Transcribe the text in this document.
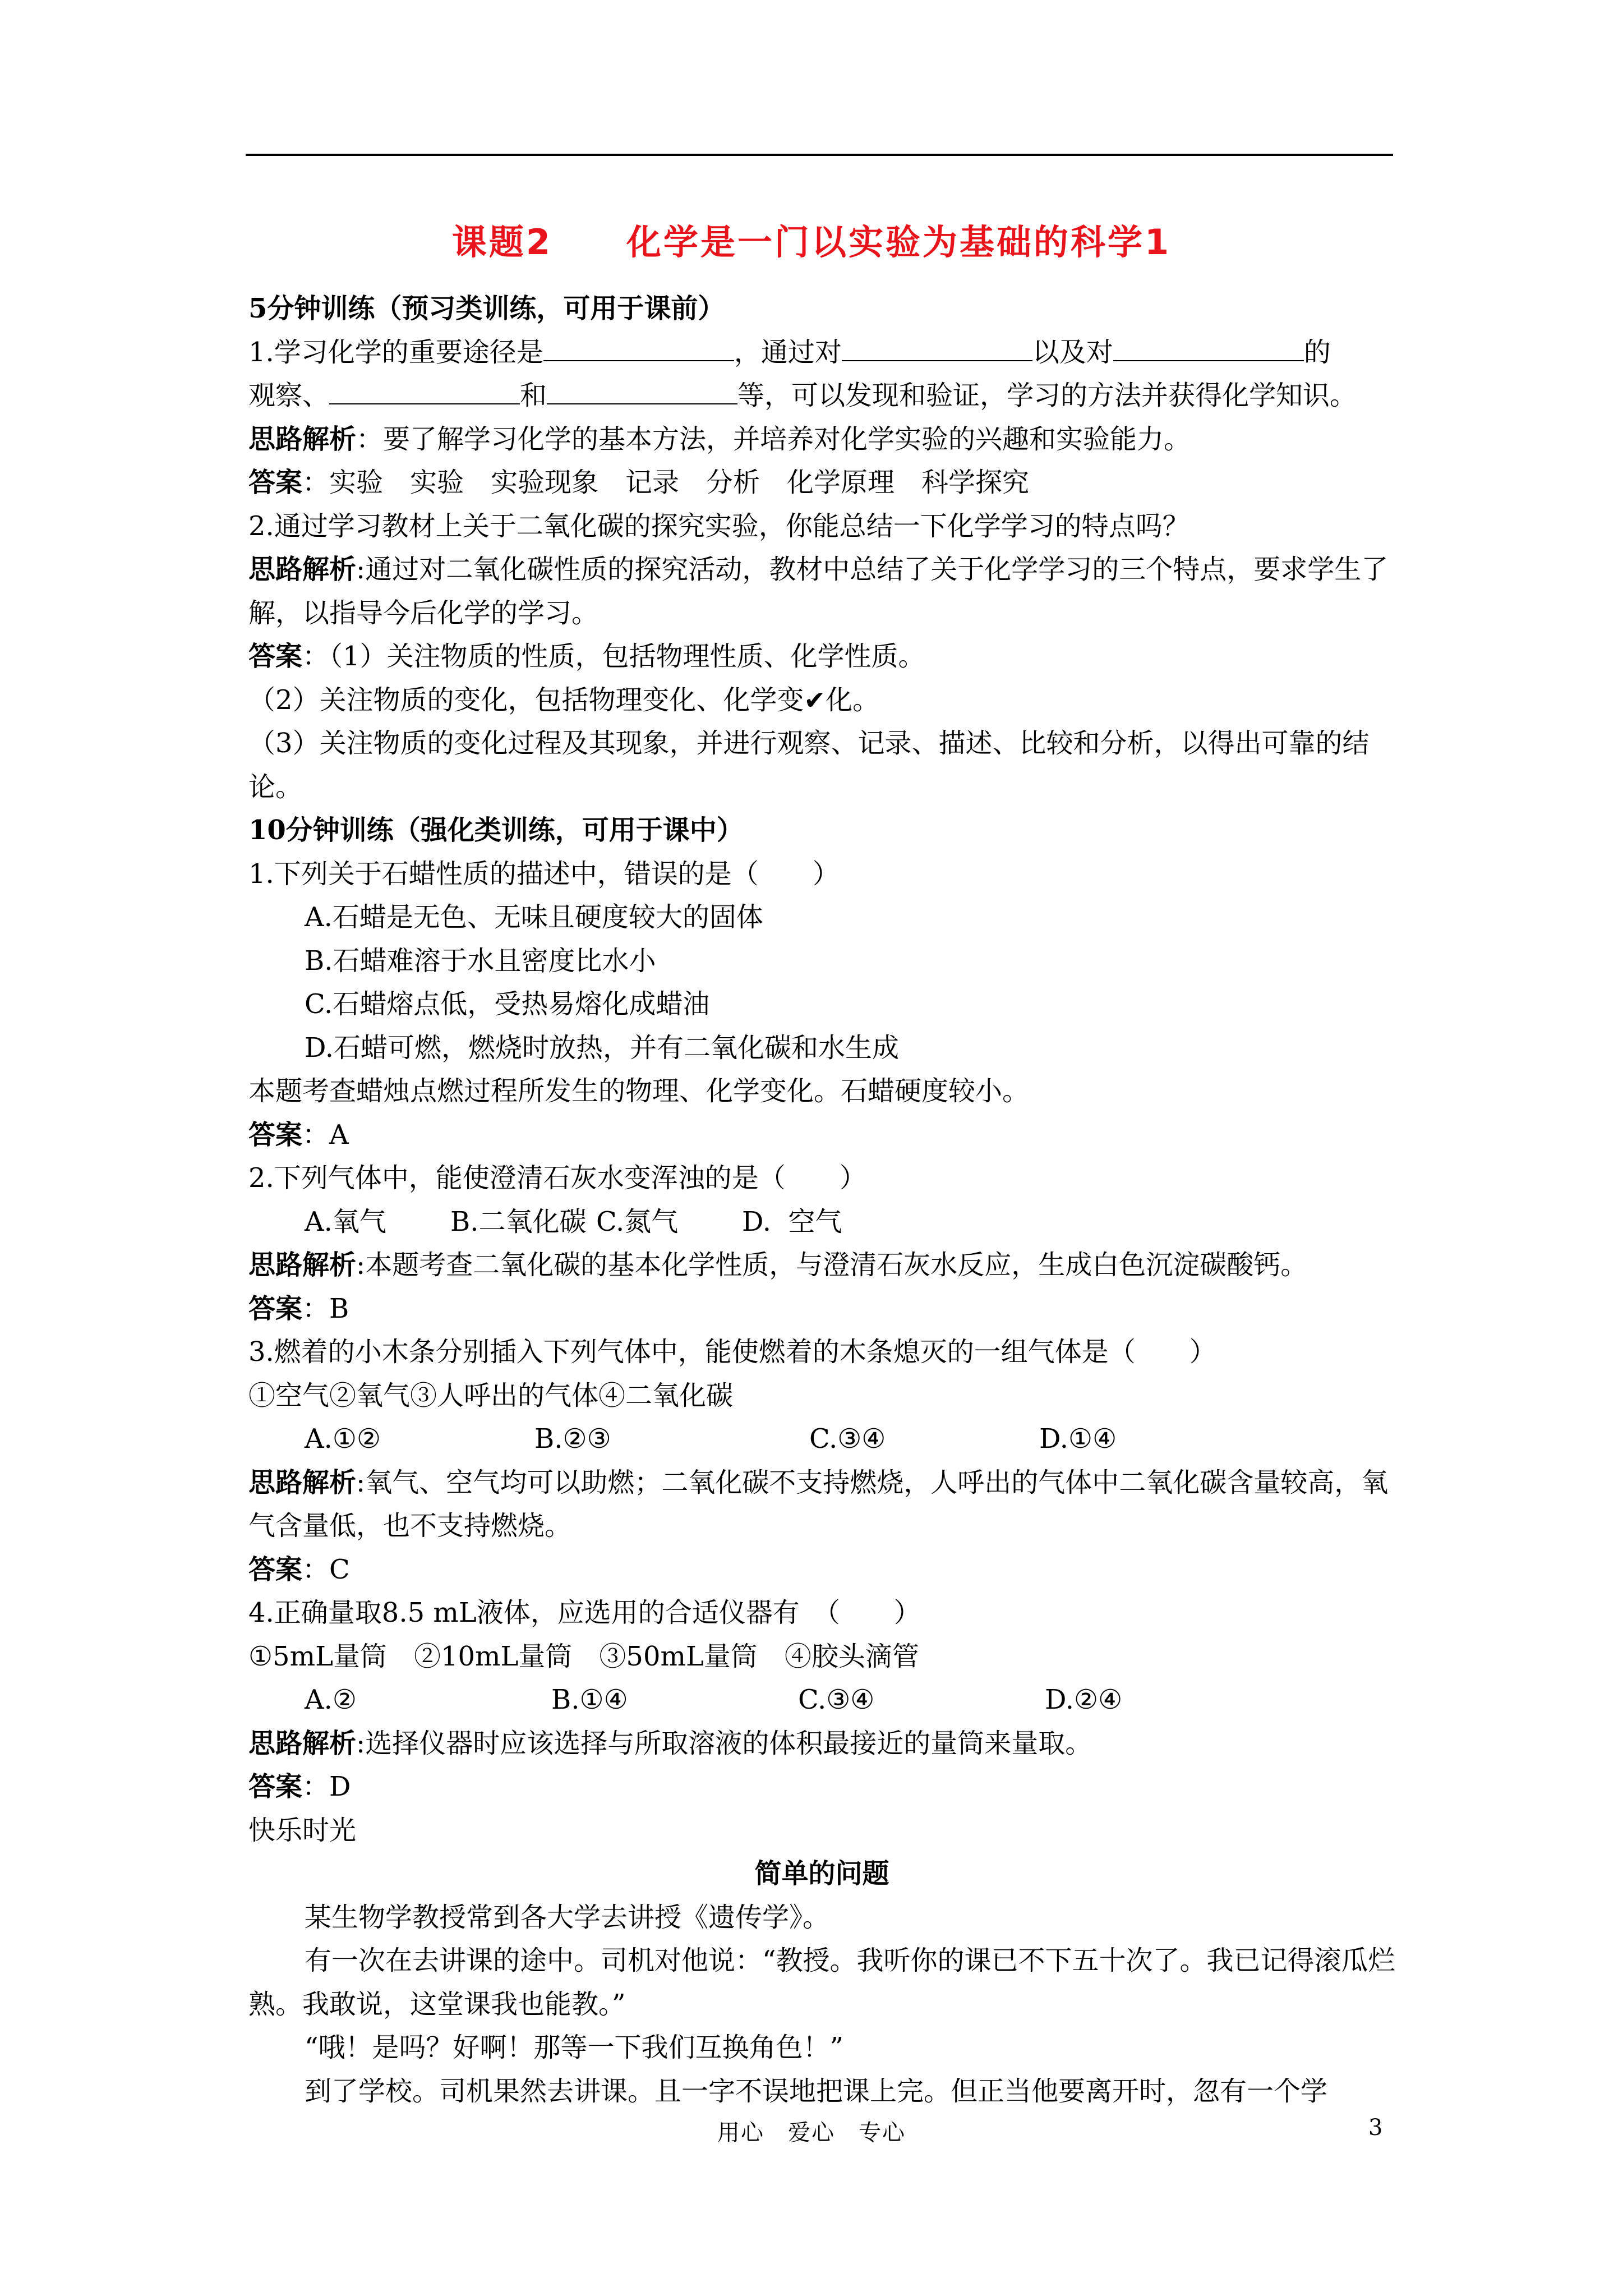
课题2　　化学是一门以实验为基础的科学1
5分钟训练（预习类训练，可用于课前）
1.学习化学的重要途径是	，通过对	以及对	的
观察、	和	等，可以发现和验证，学习的方法并获得化学知识。
思路解析：要了解学习化学的基本方法，并培养对化学实验的兴趣和实验能力。
答案：实验　实验　实验现象　记录　分析　化学原理　科学探究
2.通过学习教材上关于二氧化碳的探究实验，你能总结一下化学学习的特点吗？
思路解析:通过对二氧化碳性质的探究活动，教材中总结了关于化学学习的三个特点，要求学生了解，以指导今后化学的学习。
答案：（1）关注物质的性质，包括物理性质、化学性质。
（2）关注物质的变化，包括物理变化、化学变✔化。
（3）关注物质的变化过程及其现象，并进行观察、记录、描述、比较和分析，以得出可靠的结论。
10分钟训练（强化类训练，可用于课中）
1.下列关于石蜡性质的描述中，错误的是（　　）
A.石蜡是无色、无味且硬度较大的固体
B.石蜡难溶于水且密度比水小
C.石蜡熔点低，受热易熔化成蜡油
D.石蜡可燃，燃烧时放热，并有二氧化碳和水生成
本题考查蜡烛点燃过程所发生的物理、化学变化。石蜡硬度较小。
答案：A
2.下列气体中，能使澄清石灰水变浑浊的是（　　）
A.氧气 B.二氧化碳 C.氮气 D.  空气
思路解析:本题考查二氧化碳的基本化学性质，与澄清石灰水反应，生成白色沉淀碳酸钙。
答案：B
3.燃着的小木条分别插入下列气体中，能使燃着的木条熄灭的一组气体是（　　）
①空气②氧气③人呼出的气体④二氧化碳
A.①②	B.②③	C.③④	D.①④
思路解析:氧气、空气均可以助燃；二氧化碳不支持燃烧，人呼出的气体中二氧化碳含量较高，氧气含量低，也不支持燃烧。
答案：C
4.正确量取8.5 mL液体，应选用的合适仪器有　（　　）
①5mL量筒　②10mL量筒　③50mL量筒　④胶头滴管
A.②	B.①④	C.③④	D.②④
思路解析:选择仪器时应该选择与所取溶液的体积最接近的量筒来量取。
答案：D
快乐时光
简单的问题
某生物学教授常到各大学去讲授《遗传学》。
有一次在去讲课的途中。司机对他说：“教授。我听你的课已不下五十次了。我已记得滚瓜烂熟。我敢说，这堂课我也能教。”
“哦！是吗？好啊！那等一下我们互换角色！”
到了学校。司机果然去讲课。且一字不误地把课上完。但正当他要离开时，忽有一个学
用心　爱心　专心	3
